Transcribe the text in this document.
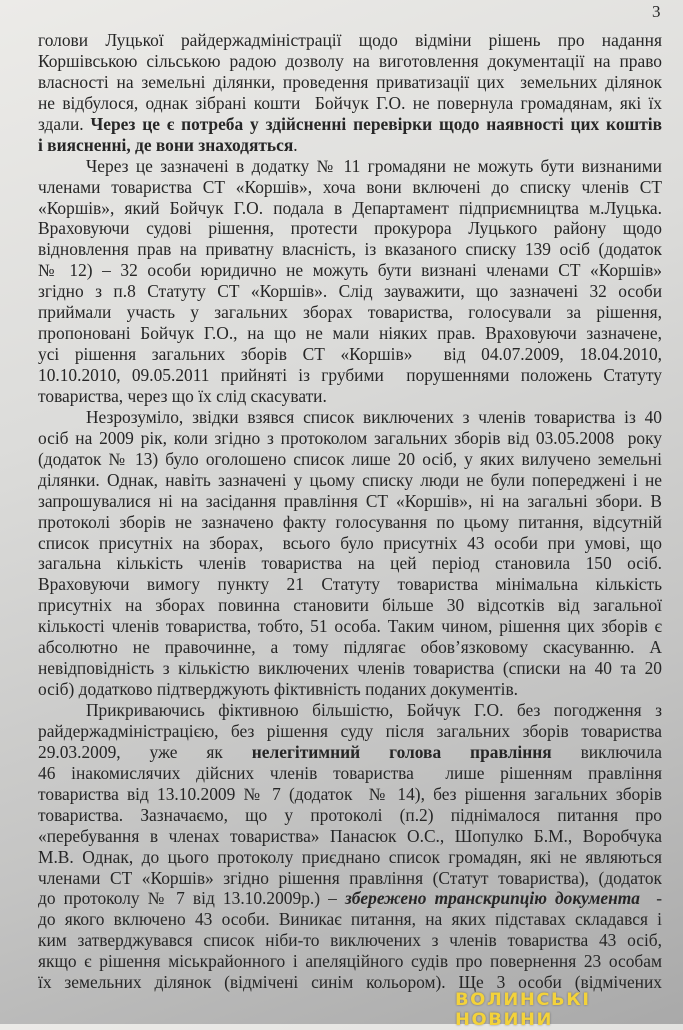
3
голови Луцької райдержадміністрації щодо відміни рішень про надання
Коршівською сільською радою дозволу на виготовлення документації на право
власності на земельні ділянки, проведення приватизації цих  земельних ділянок
не відбулося, однак зібрані кошти  Бойчук Г.О. не повернула громадянам, які їх
здали. Через це є потреба у здійсненні перевірки щодо наявності цих коштів
і виясненні, де вони знаходяться.
Через це зазначені в додатку № 11 громадяни не можуть бути визнаними
членами товариства СТ «Коршів», хоча вони включені до списку членів СТ
«Коршів», який Бойчук Г.О. подала в Департамент підприємництва м.Луцька.
Враховуючи судові рішення, протести прокурора Луцького району щодо
відновлення прав на приватну власність, із вказаного списку 139 осіб (додаток
№ 12) – 32 особи юридично не можуть бути визнані членами СТ «Коршів»
згідно з п.8 Статуту СТ «Коршів». Слід зауважити, що зазначені 32 особи
приймали участь у загальних зборах товариства, голосували за рішення,
пропоновані Бойчук Г.О., на що не мали ніяких прав. Враховуючи зазначене,
усі рішення загальних зборів СТ «Коршів»  від 04.07.2009, 18.04.2010,
10.10.2010, 09.05.2011 прийняті із грубими  порушеннями положень Статуту
товариства, через що їх слід скасувати.
Незрозуміло, звідки взявся список виключених з членів товариства із 40
осіб на 2009 рік, коли згідно з протоколом загальних зборів від 03.05.2008  року
(додаток № 13) було оголошено список лише 20 осіб, у яких вилучено земельні
ділянки. Однак, навіть зазначені у цьому списку люди не були попереджені і не
запрошувалися ні на засідання правління СТ «Коршів», ні на загальні збори. В
протоколі зборів не зазначено факту голосування по цьому питання, відсутній
список присутніх на зборах,  всього було присутніх 43 особи при умові, що
загальна кількість членів товариства на цей період становила 150 осіб.
Враховуючи вимогу пункту 21 Статуту товариства мінімальна кількість
присутніх на зборах повинна становити більше 30 відсотків від загальної
кількості членів товариства, тобто, 51 особа. Таким чином, рішення цих зборів є
абсолютно не правочинне, а тому підлягає обов’язковому скасуванню. А
невідповідність з кількістю виключених членів товариства (списки на 40 та 20
осіб) додатково підтверджують фіктивність поданих документів.
Прикриваючись фіктивною більшістю, Бойчук Г.О. без погодження з
райдержадміністрацією, без рішення суду після загальних зборів товариства
29.03.2009,  уже  як  нелегітимний  голова  правління  виключила
46 інакомислячих дійсних членів товариства  лише рішенням правління
товариства від 13.10.2009 № 7 (додаток  № 14), без рішення загальних зборів
товариства. Зазначаємо, що у протоколі (п.2) піднімалося питання про
«перебування в членах товариства» Панасюк О.С., Шопулко Б.М., Воробчука
М.В. Однак, до цього протоколу приєднано список громадян, які не являються
членами СТ «Коршів» згідно рішення правління (Статут товариства), (додаток
до протоколу № 7 від 13.10.2009р.) – збережено транскрипцію документа  -
до якого включено 43 особи. Виникає питання, на яких підставах складався і
ким затверджувався список ніби-то виключених з членів товариства 43 осіб,
якщо є рішення міськрайонного і апеляційного судів про повернення 23 особам
їх земельних ділянок (відмічені синім кольором). Ще 3 особи (відмічених
ВОЛИНСЬКІ НОВИНИ
